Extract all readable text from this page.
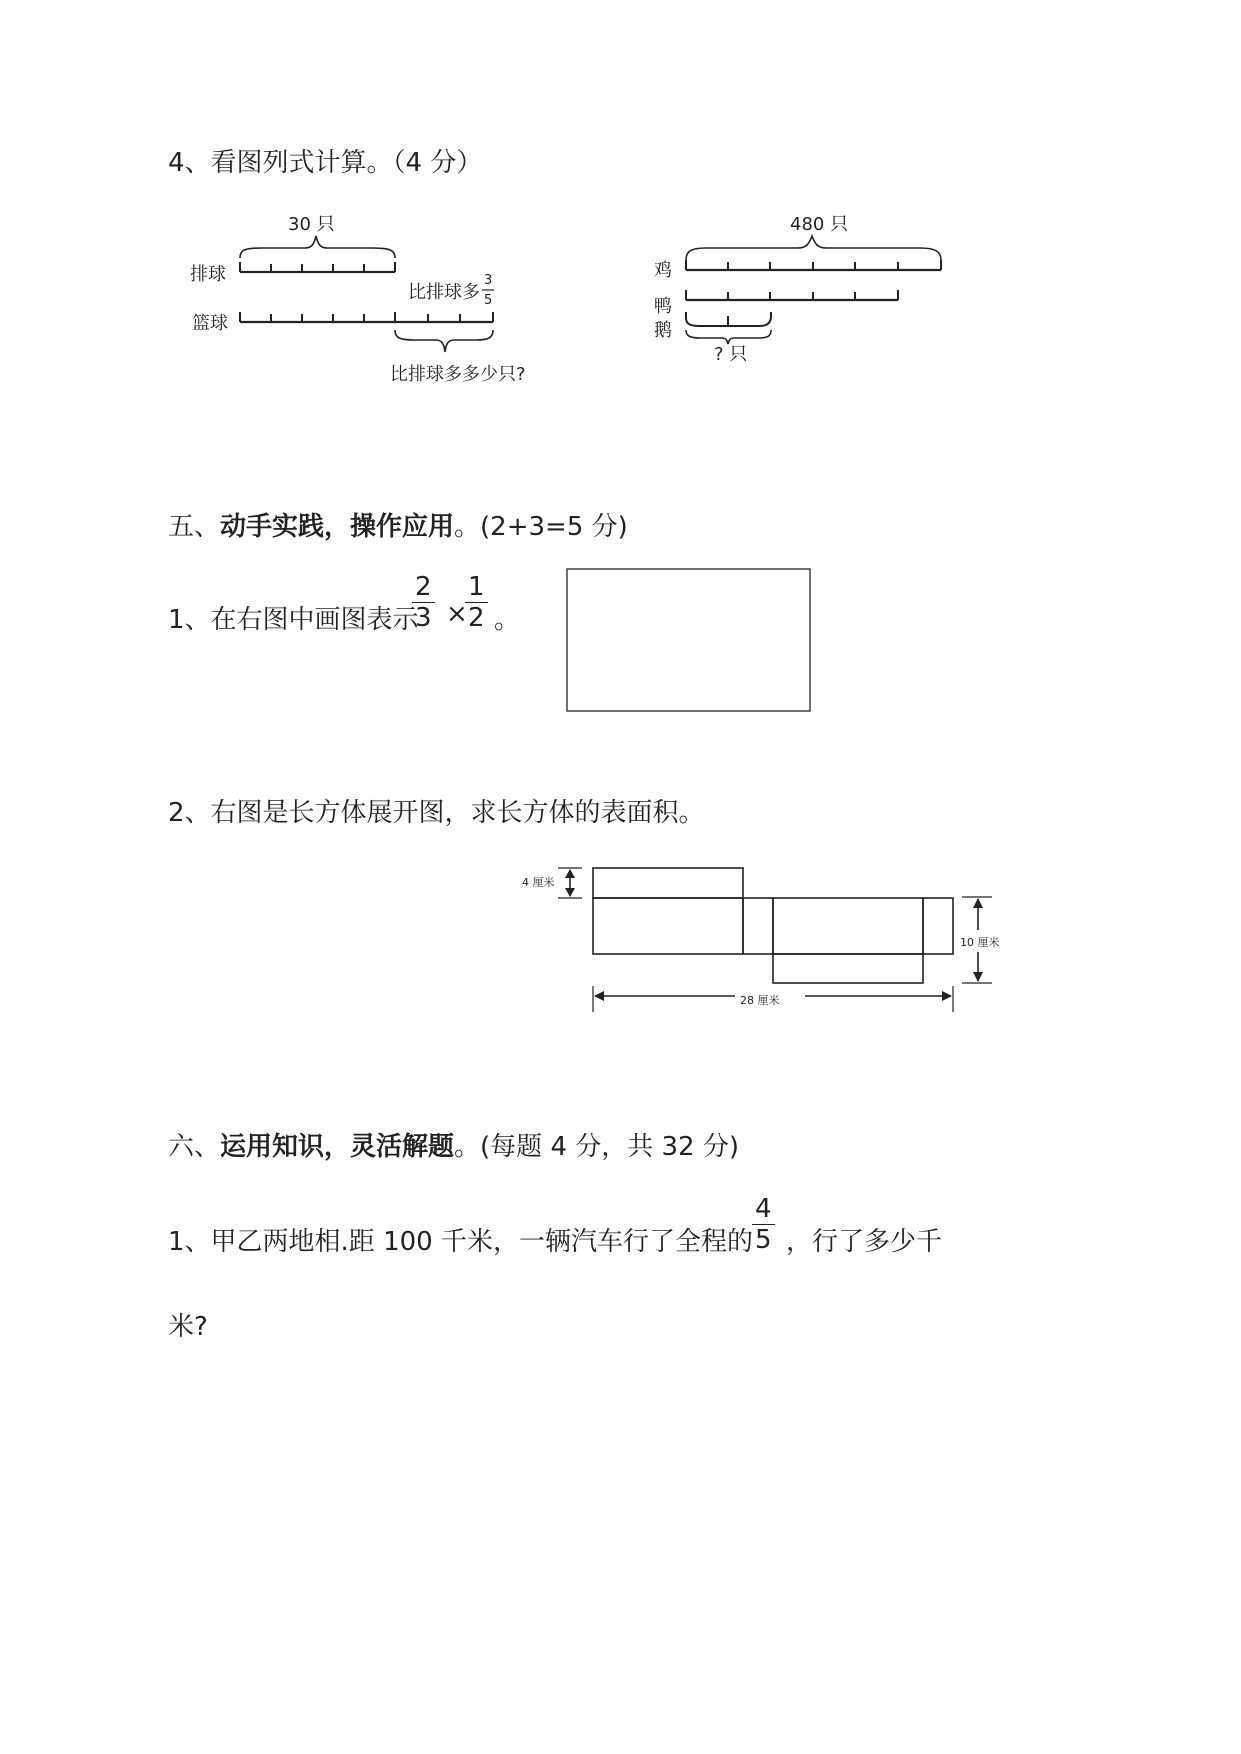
4、看图列式计算。（4 分）
30 只
排球
比排球多
3
5
篮球
比排球多多少只?
480 只
鸡
鸭
鹅
? 只
4 厘米
10 厘米
28 厘米
五、动手实践，操作应用。(2+3=5 分)
1、在右图中画图表示
$\frac{2}{3}$ ×
$\frac{1}{2}$ 。
2、右图是长方体展开图，求长方体的表面积。
六、运用知识，灵活解题。(每题 4 分，共 32 分)
1、甲乙两地相.距 100 千米，一辆汽车行了全程的 $\frac{4}{5}$ ，行了多少千
米?
